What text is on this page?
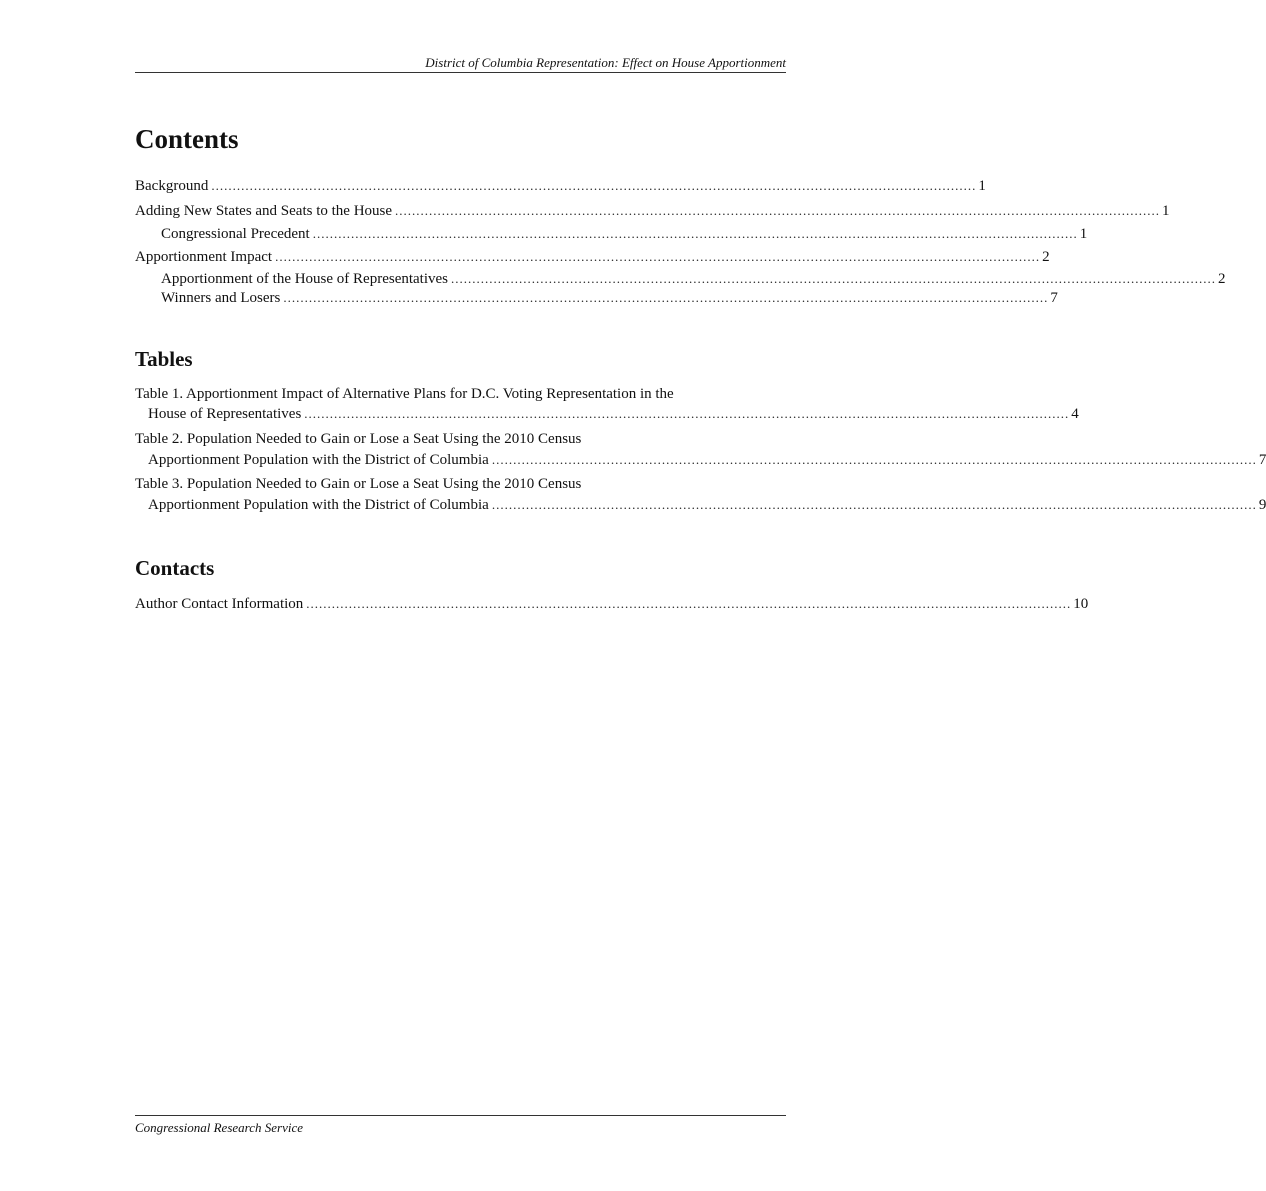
District of Columbia Representation: Effect on House Apportionment
Contents
Background .................................................................................................................................................................................... 1
Adding New States and Seats to the House .................................................................................................................................................................................... 1
Congressional Precedent .................................................................................................................................................................................... 1
Apportionment Impact .................................................................................................................................................................................... 2
Apportionment of the House of Representatives .................................................................................................................................................................................... 2
Winners and Losers .................................................................................................................................................................................... 7
Tables
Table 1. Apportionment Impact of Alternative Plans for D.C. Voting Representation in the
House of Representatives .................................................................................................................................................................................... 4
Table 2. Population Needed to Gain or Lose a Seat Using the 2010 Census
Apportionment Population with the District of Columbia .................................................................................................................................................................................... 7
Table 3. Population Needed to Gain or Lose a Seat Using the 2010 Census
Apportionment Population with the District of Columbia .................................................................................................................................................................................... 9
Contacts
Author Contact Information .................................................................................................................................................................................... 10
Congressional Research Service
